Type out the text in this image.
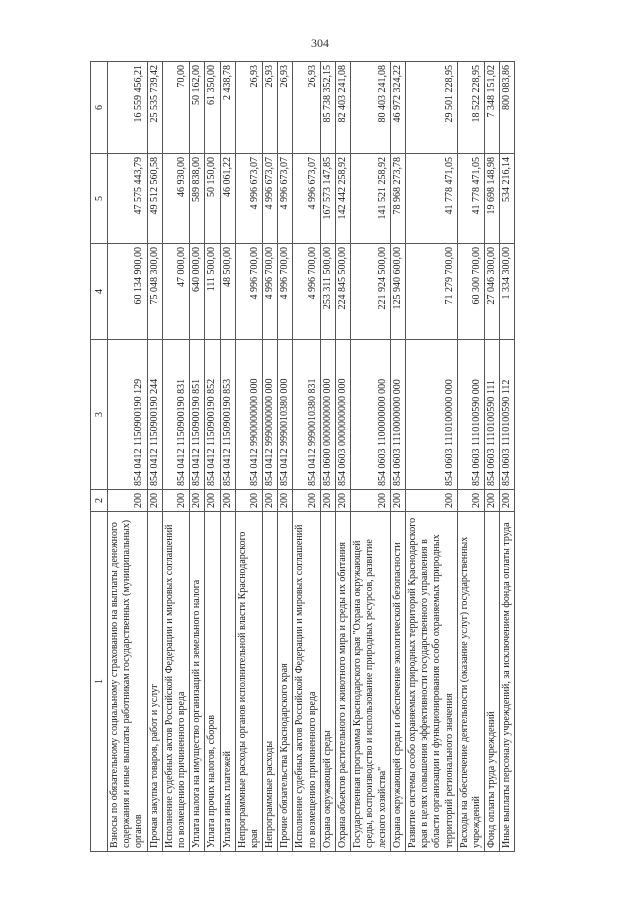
304
1	2	3	4	5	6
Взносы по обязательному социальному страхованию на выплаты денежного содержания и иные выплаты работникам государственных (муниципальных) органов	200	854 0412 1150900190 129	60 134 900,00	47 575 443,79	16 559 456,21
Прочая закупка товаров, работ и услуг	200	854 0412 1150900190 244	75 048 300,00	49 512 560,58	25 535 739,42
Исполнение судебных актов Российской Федерации и мировых соглашений по возмещению причиненного вреда	200	854 0412 1150900190 831	47 000,00	46 930,00	70,00
Уплата налога на имущество организаций и земельного налога	200	854 0412 1150900190 851	640 000,00	589 838,00	50 162,00
Уплата прочих налогов, сборов	200	854 0412 1150900190 852	111 500,00	50 150,00	61 350,00
Уплата иных платежей	200	854 0412 1150900190 853	48 500,00	46 061,22	2 438,78
Непрограммные расходы органов исполнительной власти Краснодарского края	200	854 0412 9900000000 000	4 996 700,00	4 996 673,07	26,93
Непрограммные расходы	200	854 0412 9990000000 000	4 996 700,00	4 996 673,07	26,93
Прочие обязательства Краснодарского края	200	854 0412 9990010380 000	4 996 700,00	4 996 673,07	26,93
Исполнение судебных актов Российской Федерации и мировых соглашений по возмещению причиненного вреда	200	854 0412 9990010380 831	4 996 700,00	4 996 673,07	26,93
Охрана окружающей среды	200	854 0600 0000000000 000	253 311 500,00	167 573 147,85	85 738 352,15
Охрана объектов растительного и животного мира и среды их обитания	200	854 0603 0000000000 000	224 845 500,00	142 442 258,92	82 403 241,08
Государственная программа Краснодарского края "Охрана окружающей среды, воспроизводство и использование природных ресурсов, развитие лесного хозяйства"	200	854 0603 1100000000 000	221 924 500,00	141 521 258,92	80 403 241,08
Охрана окружающей среды и обеспечение экологической безопасности	200	854 0603 1110000000 000	125 940 600,00	78 968 273,78	46 972 324,22
Развитие системы особо охраняемых природных территорий Краснодарского края в целях повышения эффективности государственного управления в области организации и функционирования особо охраняемых природных территорий регионального значения	200	854 0603 1110100000 000	71 279 700,00	41 778 471,05	29 501 228,95
Расходы на обеспечение деятельности (оказание услуг) государственных учреждений	200	854 0603 1110100590 000	60 300 700,00	41 778 471,05	18 522 228,95
Фонд оплаты труда учреждений	200	854 0603 1110100590 111	27 046 300,00	19 698 148,98	7 348 151,02
Иные выплаты персоналу учреждений, за исключением фонда оплаты труда	200	854 0603 1110100590 112	1 334 300,00	534 216,14	800 083,86
